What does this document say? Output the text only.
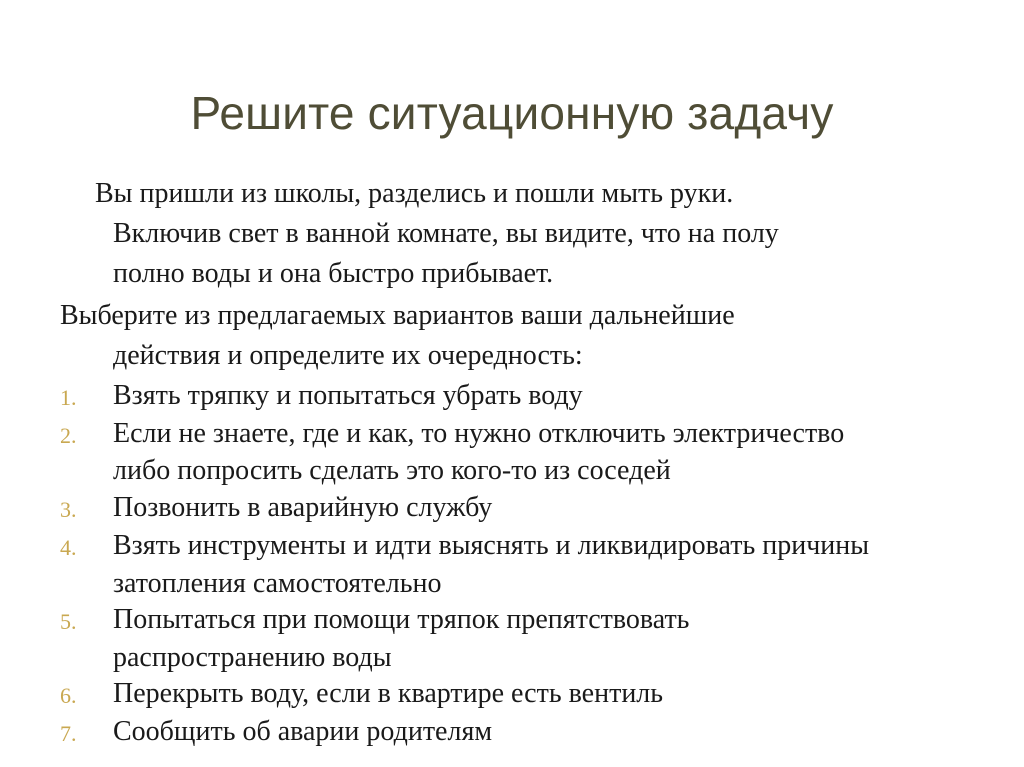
Решите ситуационную задачу

Вы пришли из школы, разделись и пошли мыть руки.

Включив свет в ванной комнате, вы видите, что на полу

полно воды и она быстро прибывает.

Выберите из предлагаемых вариантов ваши дальнейшие

действия и определите их очередность:

1. Взять тряпку и попытаться убрать воду

2. Если не знаете, где и как, то нужно отключить электричество

либо попросить сделать это кого-то из соседей

3. Позвонить в аварийную службу

4. Взять инструменты и идти выяснять и ликвидировать причины

затопления самостоятельно

5. Попытаться при помощи тряпок препятствовать

распространению воды

6. Перекрыть воду, если в квартире есть вентиль

7. Сообщить об аварии родителям
